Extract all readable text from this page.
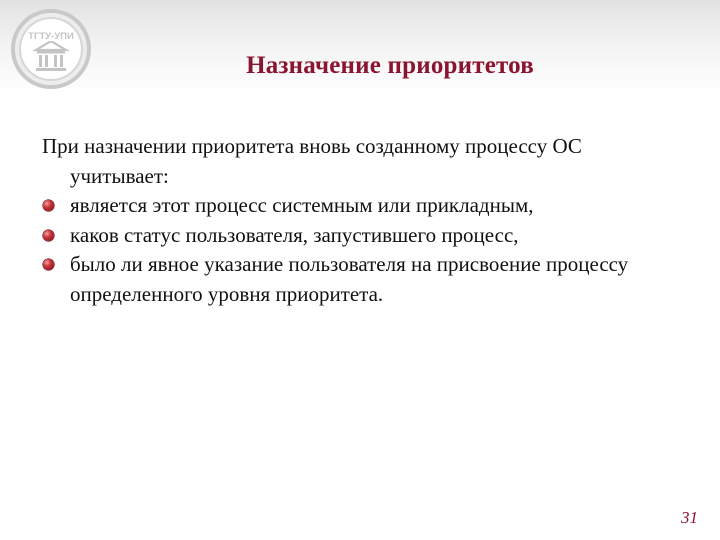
ТГТУ-УПИ
Назначение приоритетов
При назначении приоритета вновь созданному процессу ОС учитывает:
является этот процесс системным или прикладным,
каков статус пользователя, запустившего процесс,
было ли явное указание пользователя на присвоение процессу определенного уровня приоритета.
31
